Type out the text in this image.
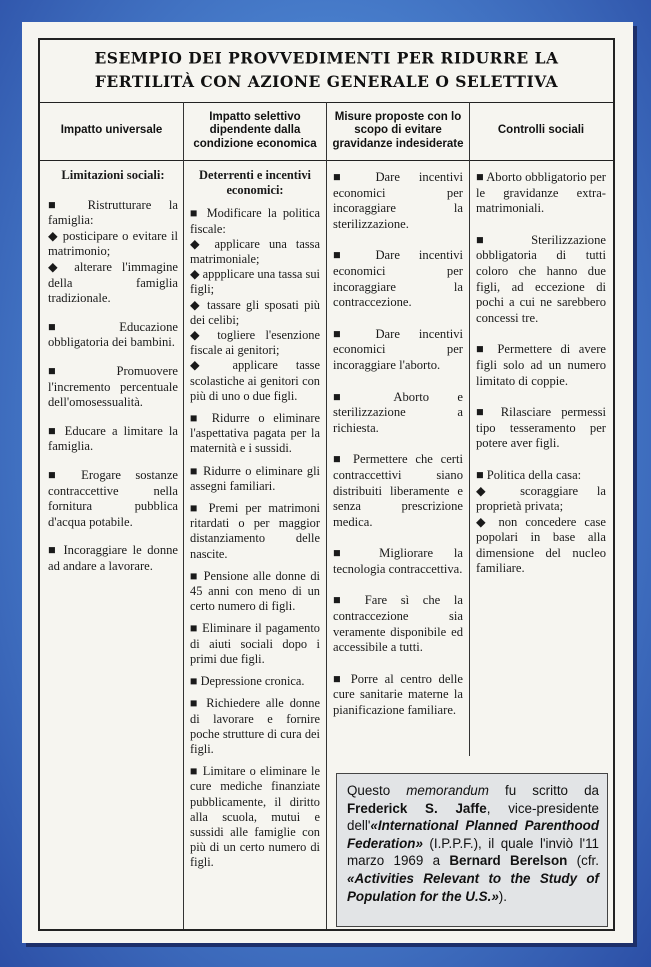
ESEMPIO DEI PROVVEDIMENTI PER RIDURRE LA
FERTILITÀ CON AZIONE GENERALE O SELETTIVA
Impatto universale
Impatto selettivo dipendente dalla condizione economica
Misure proposte con lo scopo di evitare gravidanze indesiderate
Controlli sociali
Limitazioni sociali:
■ Ristrutturare la famiglia:
◆ posticipare o evitare il matrimonio;
◆ alterare l'immagine della famiglia tradizionale.
■ Educazione obbligatoria dei bambini.
■ Promuovere l'incremento percentuale dell'omosessualità.
■ Educare a limitare la famiglia.
■ Erogare sostanze contraccettive nella fornitura pubblica d'acqua potabile.
■ Incoraggiare le donne ad andare a lavorare.
Deterrenti e incentivi economici:
■ Modificare la politica fiscale:
◆ applicare una tassa matrimoniale;
◆ appplicare una tassa sui figli;
◆ tassare gli sposati più dei celibi;
◆ togliere l'esenzione fiscale ai genitori;
◆ applicare tasse scolastiche ai genitori con più di uno o due figli.
■ Ridurre o eliminare l'aspettativa pagata per la maternità e i sussidi.
■ Ridurre o eliminare gli assegni familiari.
■ Premi per matrimoni ritardati o per maggior distanziamento delle nascite.
■ Pensione alle donne di 45 anni con meno di un certo numero di figli.
■ Eliminare il pagamento di aiuti sociali dopo i primi due figli.
■ Depressione cronica.
■ Richiedere alle donne di lavorare e fornire poche strutture di cura dei figli.
■ Limitare o eliminare le cure mediche finanziate pubblicamente, il diritto alla scuola, mutui e sussidi alle famiglie con più di un certo numero di figli.
■ Dare incentivi economici per incoraggiare la sterilizzazione.
■ Dare incentivi economici per incoraggiare la contraccezione.
■ Dare incentivi economici per incoraggiare l'aborto.
■ Aborto e sterilizzazione a richiesta.
■ Permettere che certi contraccettivi siano distribuiti liberamente e senza prescrizione medica.
■ Migliorare la tecnologia contraccettiva.
■ Fare sì che la contraccezione sia veramente disponibile ed accessibile a tutti.
■ Porre al centro delle cure sanitarie materne la pianificazione familiare.
■ Aborto obbligatorio per le gravidanze extra-matrimoniali.
■ Sterilizzazione obbligatoria di tutti coloro che hanno due figli, ad eccezione di pochi a cui ne sarebbero concessi tre.
■ Permettere di avere figli solo ad un numero limitato di coppie.
■ Rilasciare permessi tipo tesseramento per potere aver figli.
■ Politica della casa:
◆ scoraggiare la proprietà privata;
◆ non concedere case popolari in base alla dimensione del nucleo familiare.
Questo memorandum fu scritto da Frederick S. Jaffe, vice-presidente dell'«International Planned Parenthood Federation» (I.P.P.F.), il quale l'inviò l'11 marzo 1969 a Bernard Berelson (cfr. «Activities Relevant to the Study of Population for the U.S.»).
